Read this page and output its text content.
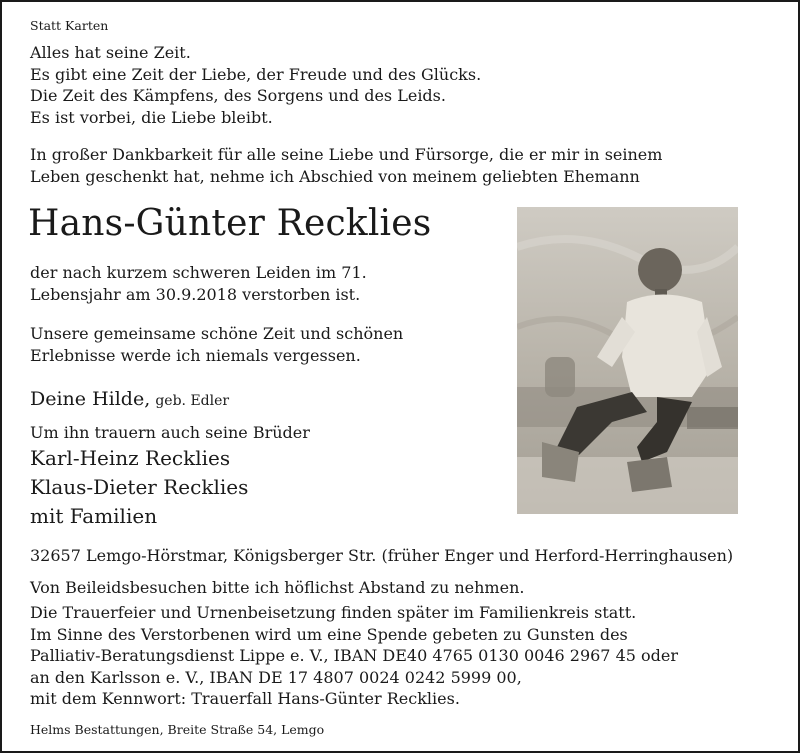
Statt Karten
Alles hat seine Zeit.
Es gibt eine Zeit der Liebe, der Freude und des Glücks.
Die Zeit des Kämpfens, des Sorgens und des Leids.
Es ist vorbei, die Liebe bleibt.
In großer Dankbarkeit für alle seine Liebe und Fürsorge, die er mir in seinem
Leben geschenkt hat, nehme ich Abschied von meinem geliebten Ehemann
Hans-Günter Recklies
der nach kurzem schweren Leiden im 71.
Lebensjahr am 30.9.2018 verstorben ist.
Unsere gemeinsame schöne Zeit und schönen
Erlebnisse werde ich niemals vergessen.
Deine Hilde, geb. Edler
Um ihn trauern auch seine Brüder
Karl-Heinz Recklies
Klaus-Dieter Recklies
mit Familien
32657 Lemgo-Hörstmar, Königsberger Str. (früher Enger und Herford-Herringhausen)
Von Beileidsbesuchen bitte ich höflichst Abstand zu nehmen.
Die Trauerfeier und Urnenbeisetzung finden später im Familienkreis statt.
Im Sinne des Verstorbenen wird um eine Spende gebeten zu Gunsten des
Palliativ-Beratungsdienst Lippe e. V., IBAN DE40 4765 0130 0046 2967 45 oder
an den Karlsson e. V., IBAN DE 17 4807 0024 0242 5999 00,
mit dem Kennwort: Trauerfall Hans-Günter Recklies.
Helms Bestattungen, Breite Straße 54, Lemgo
